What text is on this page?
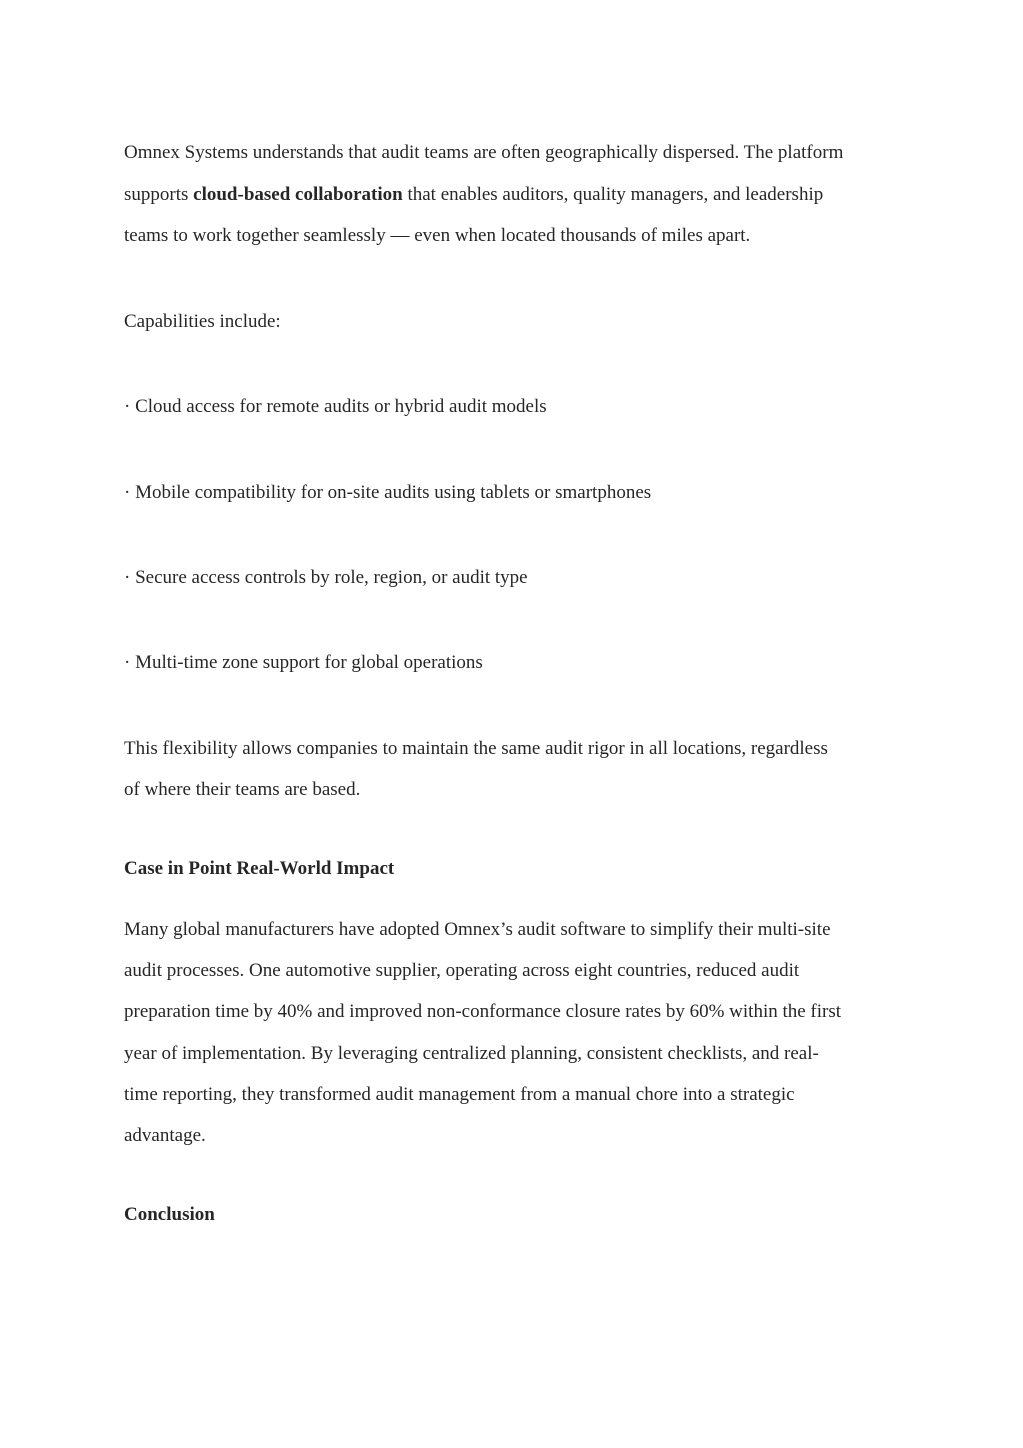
Omnex Systems understands that audit teams are often geographically dispersed. The platform
supports cloud-based collaboration that enables auditors, quality managers, and leadership
teams to work together seamlessly — even when located thousands of miles apart.
Capabilities include:
· Cloud access for remote audits or hybrid audit models
· Mobile compatibility for on-site audits using tablets or smartphones
· Secure access controls by role, region, or audit type
· Multi-time zone support for global operations
This flexibility allows companies to maintain the same audit rigor in all locations, regardless
of where their teams are based.
Case in Point Real-World Impact
Many global manufacturers have adopted Omnex’s audit software to simplify their multi-site
audit processes. One automotive supplier, operating across eight countries, reduced audit
preparation time by 40% and improved non-conformance closure rates by 60% within the first
year of implementation. By leveraging centralized planning, consistent checklists, and real-
time reporting, they transformed audit management from a manual chore into a strategic
advantage.
Conclusion
